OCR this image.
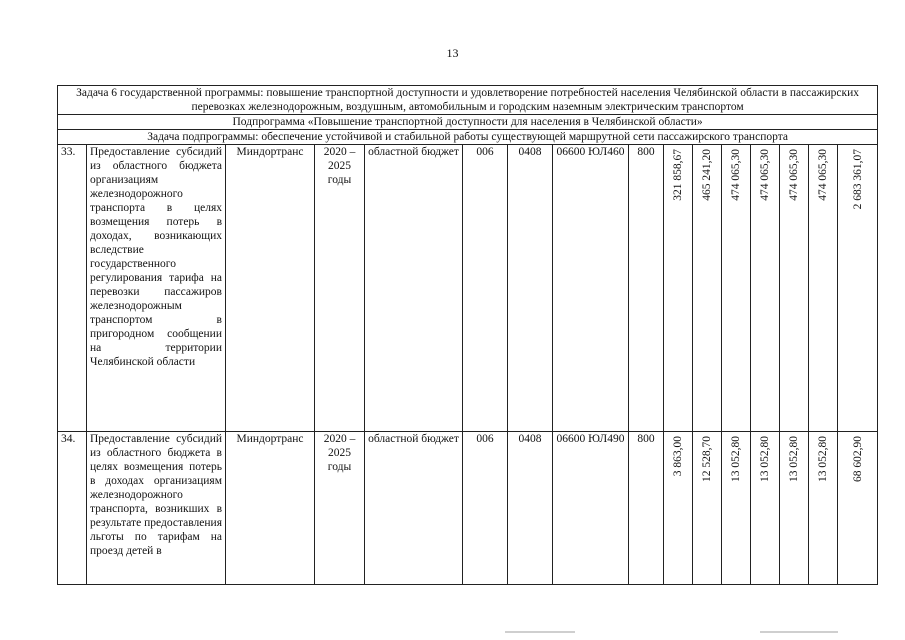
13
Задача 6 государственной программы: повышение транспортной доступности и удовлетворение потребностей населения Челябинской области в пассажирских перевозках железнодорожным, воздушным, автомобильным и городским наземным электрическим транспортом															
Подпрограмма «Повышение транспортной доступности для населения в Челябинской области»															
Задача подпрограммы: обеспечение устойчивой и стабильной работы существующей маршрутной сети пассажирского транспорта															
33.	Предоставление субсидий из областного бюджета организациям железнодорожного транспорта в целях возмещения потерь в доходах, возникающих вследствие государственного регулирования тарифа на перевозки пассажиров железнодорожным транспортом в пригородном сообщении на территории Челябинской области	Миндортранс	2020 – 2025 годы	областной бюджет	006	0408	06600 ЮЛ460	800	321 858,67	465 241,20	474 065,30	474 065,30	474 065,30	474 065,30	2 683 361,07

34.	Предоставление субсидий из областного бюджета в целях возмещения потерь в доходах организациям железнодорожного транспорта, возникших в результате предоставления льготы по тарифам на проезд детей в	Миндортранс	2020 – 2025 годы	областной бюджет	006	0408	06600 ЮЛ490	800	3 863,00	12 528,70	13 052,80	13 052,80	13 052,80	13 052,80	68 602,90
